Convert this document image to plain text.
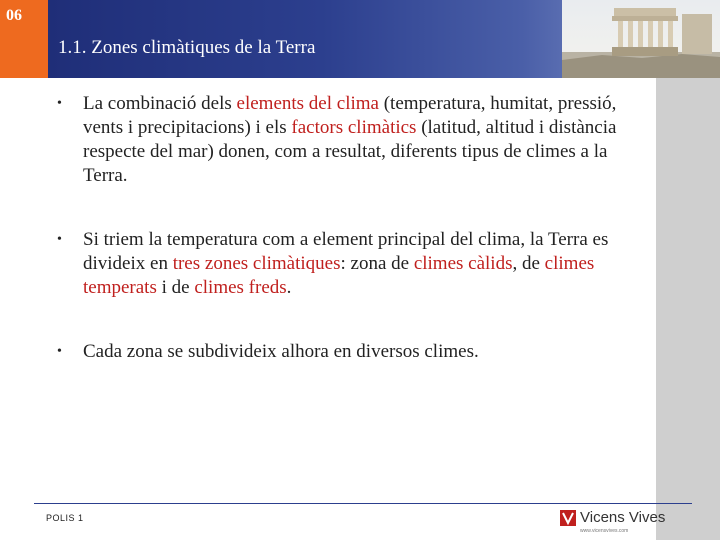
06
1.1. Zones climàtiques de la Terra
• La combinació dels elements del clima (temperatura, humitat, pressió, vents i precipitacions) i els factors climàtics (latitud, altitud i distància respecte del mar) donen, com a resultat, diferents tipus de climes a la Terra.
• Si triem la temperatura com a element principal del clima, la Terra es divideix en tres zones climàtiques: zona de climes càlids, de climes temperats i de climes freds.
• Cada zona se subdivideix alhora en diversos climes.
POLIS 1	Vicens Vives
www.vicensvives.com
